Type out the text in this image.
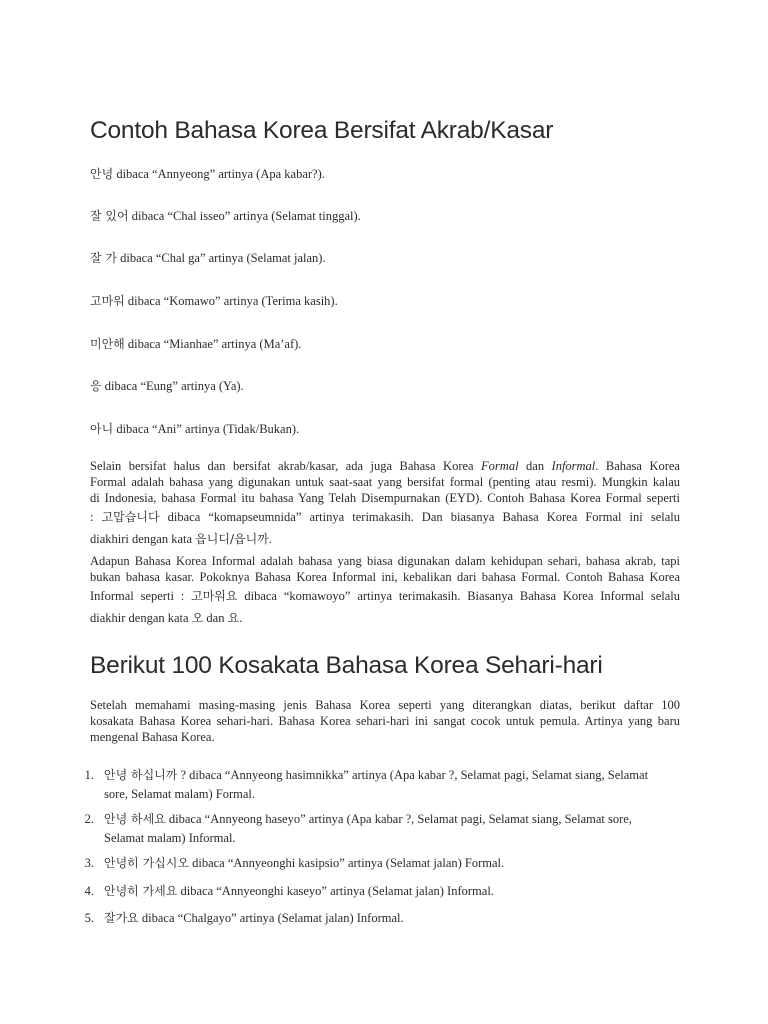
Contoh Bahasa Korea Bersifat Akrab/Kasar
안녕 dibaca “Annyeong” artinya (Apa kabar?).
잘 있어 dibaca “Chal isseo” artinya (Selamat tinggal).
잘 가 dibaca “Chal ga” artinya (Selamat jalan).
고마워 dibaca “Komawo” artinya (Terima kasih).
미안해 dibaca “Mianhae” artinya (Ma’af).
응 dibaca “Eung” artinya (Ya).
아니 dibaca “Ani” artinya (Tidak/Bukan).
Selain bersifat halus dan bersifat akrab/kasar, ada juga Bahasa Korea Formal dan Informal. Bahasa Korea
Formal adalah bahasa yang digunakan untuk saat-saat yang bersifat formal (penting atau resmi). Mungkin kalau
di Indonesia, bahasa Formal itu bahasa Yang Telah Disempurnakan (EYD). Contoh Bahasa Korea Formal seperti
: 고맙습니다 dibaca “komapseumnida” artinya terimakasih. Dan biasanya Bahasa Korea Formal ini selalu
diakhiri dengan kata 읍니디/읍니까.
Adapun Bahasa Korea Informal adalah bahasa yang biasa digunakan dalam kehidupan sehari, bahasa akrab, tapi
bukan bahasa kasar. Pokoknya Bahasa Korea Informal ini, kebalikan dari bahasa Formal. Contoh Bahasa Korea
Informal seperti : 고마워요 dibaca “komawoyo” artinya terimakasih. Biasanya Bahasa Korea Informal selalu
diakhir dengan kata 오 dan 요.
Berikut 100 Kosakata Bahasa Korea Sehari-hari
Setelah memahami masing-masing jenis Bahasa Korea seperti yang diterangkan diatas, berikut daftar 100
kosakata Bahasa Korea sehari-hari. Bahasa Korea sehari-hari ini sangat cocok untuk pemula. Artinya yang baru
mengenal Bahasa Korea.
1. 안녕 하십니까 ? dibaca “Annyeong hasimnikka” artinya (Apa kabar ?, Selamat pagi, Selamat siang, Selamat
sore, Selamat malam) Formal.
2. 안녕 하세요 dibaca “Annyeong haseyo” artinya (Apa kabar ?, Selamat pagi, Selamat siang, Selamat sore,
Selamat malam) Informal.
3. 안녕히 가십시오 dibaca “Annyeonghi kasipsio” artinya (Selamat jalan) Formal.
4. 안녕히 가세요 dibaca “Annyeonghi kaseyo” artinya (Selamat jalan) Informal.
5. 잘가요 dibaca “Chalgayo” artinya (Selamat jalan) Informal.
